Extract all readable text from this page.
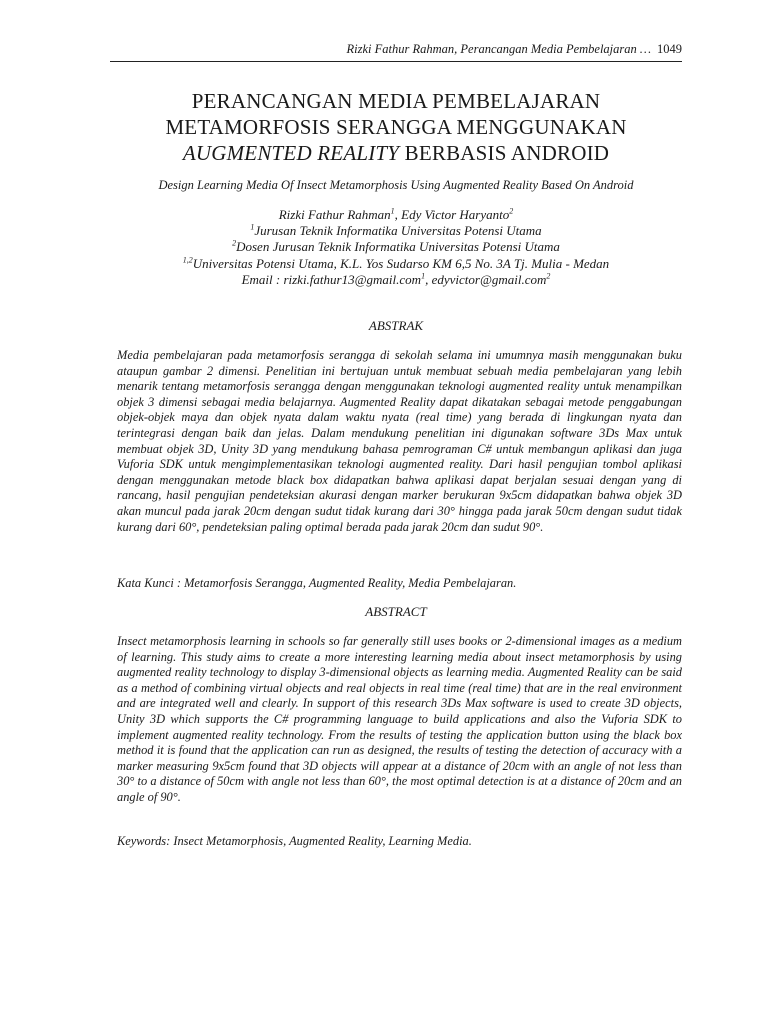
Rizki Fathur Rahman, Perancangan Media Pembelajaran … 1049
PERANCANGAN MEDIA PEMBELAJARAN
METAMORFOSIS SERANGGA MENGGUNAKAN
AUGMENTED REALITY BERBASIS ANDROID
Design Learning Media Of Insect Metamorphosis Using Augmented Reality Based On Android
Rizki Fathur Rahman$^1$, Edy Victor Haryanto$^2$
$^1$Jurusan Teknik Informatika Universitas Potensi Utama
$^2$Dosen Jurusan Teknik Informatika Universitas Potensi Utama
$^{1,2}$Universitas Potensi Utama, K.L. Yos Sudarso KM 6,5 No. 3A Tj. Mulia - Medan
Email : rizki.fathur13@gmail.com$^1$, edyvictor@gmail.com$^2$
ABSTRAK
Media pembelajaran pada metamorfosis serangga di sekolah selama ini umumnya masih menggunakan buku ataupun gambar 2 dimensi. Penelitian ini bertujuan untuk membuat sebuah media pembelajaran yang lebih menarik tentang metamorfosis serangga dengan menggunakan teknologi augmented reality untuk menampilkan objek 3 dimensi sebagai media belajarnya. Augmented Reality dapat dikatakan sebagai metode penggabungan objek-objek maya dan objek nyata dalam waktu nyata (real time) yang berada di lingkungan nyata dan terintegrasi dengan baik dan jelas. Dalam mendukung penelitian ini digunakan software 3Ds Max untuk membuat objek 3D, Unity 3D yang mendukung bahasa pemrograman C# untuk membangun aplikasi dan juga Vuforia SDK untuk mengimplementasikan teknologi augmented reality. Dari hasil pengujian tombol aplikasi dengan menggunakan metode black box didapatkan bahwa aplikasi dapat berjalan sesuai dengan yang di rancang, hasil pengujian pendeteksian akurasi dengan marker berukuran 9x5cm didapatkan bahwa objek 3D akan muncul pada jarak 20cm dengan sudut tidak kurang dari 30° hingga pada jarak 50cm dengan sudut tidak kurang dari 60°, pendeteksian paling optimal berada pada jarak 20cm dan sudut 90°.
Kata Kunci : Metamorfosis Serangga, Augmented Reality, Media Pembelajaran.
ABSTRACT
Insect metamorphosis learning in schools so far generally still uses books or 2-dimensional images as a medium of learning. This study aims to create a more interesting learning media about insect metamorphosis by using augmented reality technology to display 3-dimensional objects as learning media. Augmented Reality can be said as a method of combining virtual objects and real objects in real time (real time) that are in the real environment and are integrated well and clearly. In support of this research 3Ds Max software is used to create 3D objects, Unity 3D which supports the C# programming language to build applications and also the Vuforia SDK to implement augmented reality technology. From the results of testing the application button using the black box method it is found that the application can run as designed, the results of testing the detection of accuracy with a marker measuring 9x5cm found that 3D objects will appear at a distance of 20cm with an angle of not less than 30° to a distance of 50cm with angle not less than 60°, the most optimal detection is at a distance of 20cm and an angle of 90°.
Keywords: Insect Metamorphosis, Augmented Reality, Learning Media.
